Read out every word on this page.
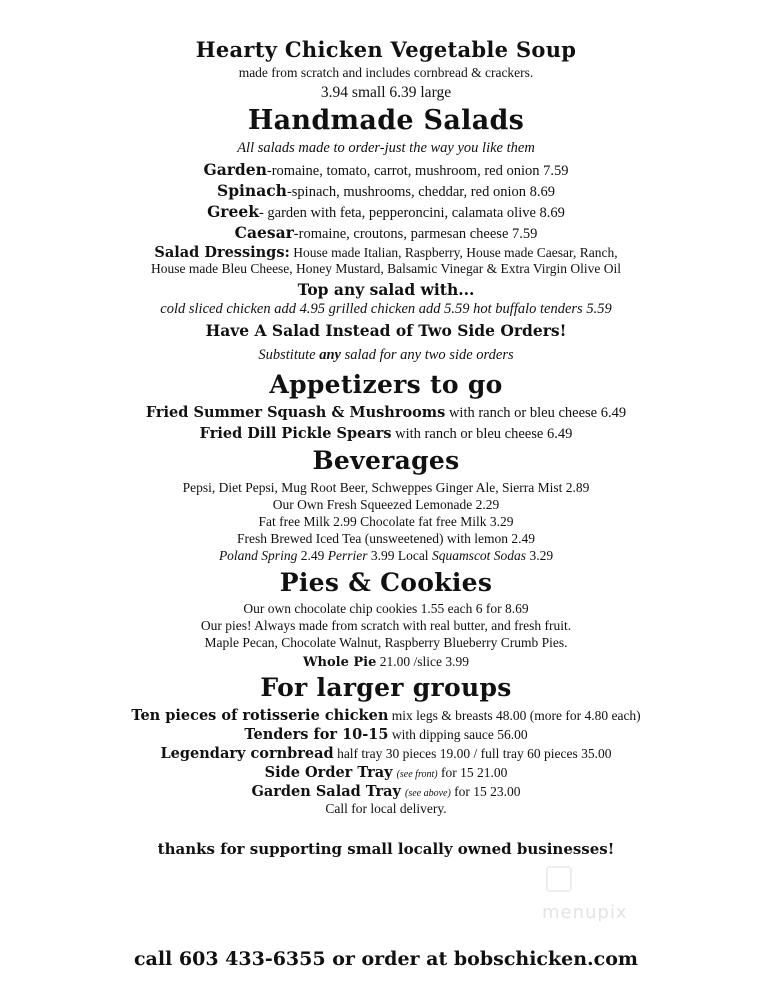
Hearty Chicken Vegetable Soup
made from scratch and includes cornbread & crackers.
3.94 small 6.39 large
Handmade Salads
All salads made to order-just the way you like them
Garden-romaine, tomato, carrot, mushroom, red onion 7.59
Spinach-spinach, mushrooms, cheddar, red onion 8.69
Greek- garden with feta, pepperoncini, calamata olive 8.69
Caesar-romaine, croutons, parmesan cheese 7.59
Salad Dressings: House made Italian, Raspberry, House made Caesar, Ranch,
House made Bleu Cheese, Honey Mustard, Balsamic Vinegar & Extra Virgin Olive Oil
Top any salad with...
cold sliced chicken add 4.95 grilled chicken add 5.59 hot buffalo tenders 5.59
Have A Salad Instead of Two Side Orders!
Substitute any salad for any two side orders
Appetizers to go
Fried Summer Squash & Mushrooms with ranch or bleu cheese 6.49
Fried Dill Pickle Spears with ranch or bleu cheese 6.49
Beverages
Pepsi, Diet Pepsi, Mug Root Beer, Schweppes Ginger Ale, Sierra Mist 2.89
Our Own Fresh Squeezed Lemonade 2.29
Fat free Milk 2.99 Chocolate fat free Milk 3.29
Fresh Brewed Iced Tea (unsweetened) with lemon 2.49
Poland Spring 2.49 Perrier 3.99 Local Squamscot Sodas 3.29
Pies & Cookies
Our own chocolate chip cookies 1.55 each 6 for 8.69
Our pies! Always made from scratch with real butter, and fresh fruit.
Maple Pecan, Chocolate Walnut, Raspberry Blueberry Crumb Pies.
Whole Pie 21.00 /slice 3.99
For larger groups
Ten pieces of rotisserie chicken mix legs & breasts 48.00 (more for 4.80 each)
Tenders for 10-15 with dipping sauce 56.00
Legendary cornbread half tray 30 pieces 19.00 / full tray 60 pieces 35.00
Side Order Tray (see front) for 15 21.00
Garden Salad Tray (see above) for 15 23.00
Call for local delivery.
thanks for supporting small locally owned businesses!
menupix
call 603 433-6355 or order at bobschicken.com
